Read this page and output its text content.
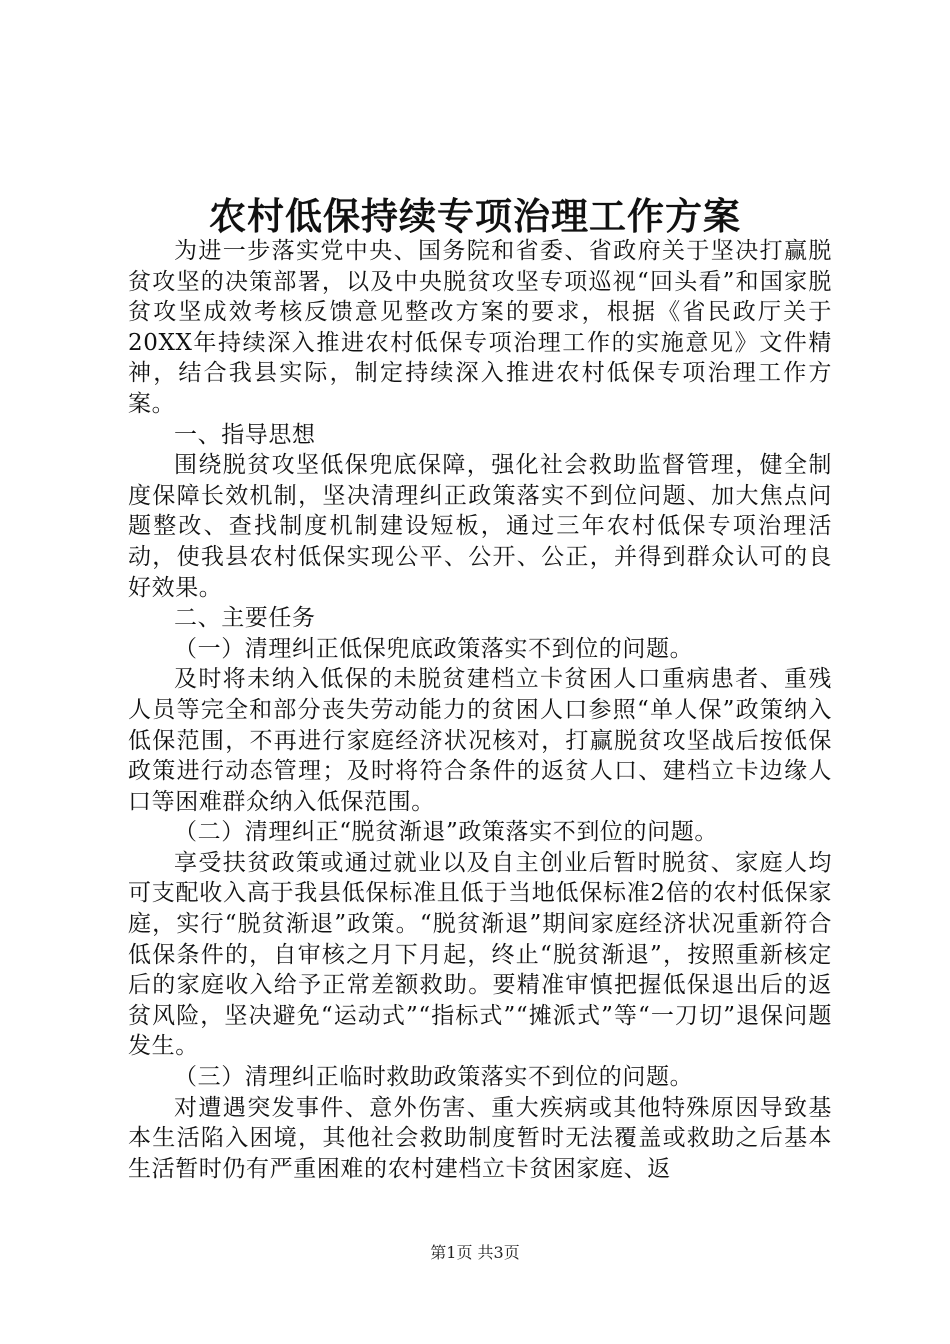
农村低保持续专项治理工作方案

为进一步落实党中央、国务院和省委、省政府关于坚决打赢脱贫攻坚的决策部署，以及中央脱贫攻坚专项巡视“回头看”和国家脱贫攻坚成效考核反馈意见整改方案的要求，根据《省民政厅关于20XX年持续深入推进农村低保专项治理工作的实施意见》文件精神，结合我县实际，制定持续深入推进农村低保专项治理工作方案。

一、指导思想

围绕脱贫攻坚低保兜底保障，强化社会救助监督管理，健全制度保障长效机制，坚决清理纠正政策落实不到位问题、加大焦点问题整改、查找制度机制建设短板，通过三年农村低保专项治理活动，使我县农村低保实现公平、公开、公正，并得到群众认可的良好效果。

二、主要任务

（一）清理纠正低保兜底政策落实不到位的问题。

及时将未纳入低保的未脱贫建档立卡贫困人口重病患者、重残人员等完全和部分丧失劳动能力的贫困人口参照“单人保”政策纳入低保范围，不再进行家庭经济状况核对，打赢脱贫攻坚战后按低保政策进行动态管理；及时将符合条件的返贫人口、建档立卡边缘人口等困难群众纳入低保范围。

（二）清理纠正“脱贫渐退”政策落实不到位的问题。

享受扶贫政策或通过就业以及自主创业后暂时脱贫、家庭人均可支配收入高于我县低保标准且低于当地低保标准2倍的农村低保家庭，实行“脱贫渐退”政策。“脱贫渐退”期间家庭经济状况重新符合低保条件的，自审核之月下月起，终止“脱贫渐退”，按照重新核定后的家庭收入给予正常差额救助。要精准审慎把握低保退出后的返贫风险，坚决避免“运动式”“指标式”“摊派式”等“一刀切”退保问题发生。

（三）清理纠正临时救助政策落实不到位的问题。

对遭遇突发事件、意外伤害、重大疾病或其他特殊原因导致基本生活陷入困境，其他社会救助制度暂时无法覆盖或救助之后基本生活暂时仍有严重困难的农村建档立卡贫困家庭、返

第1页 共3页
